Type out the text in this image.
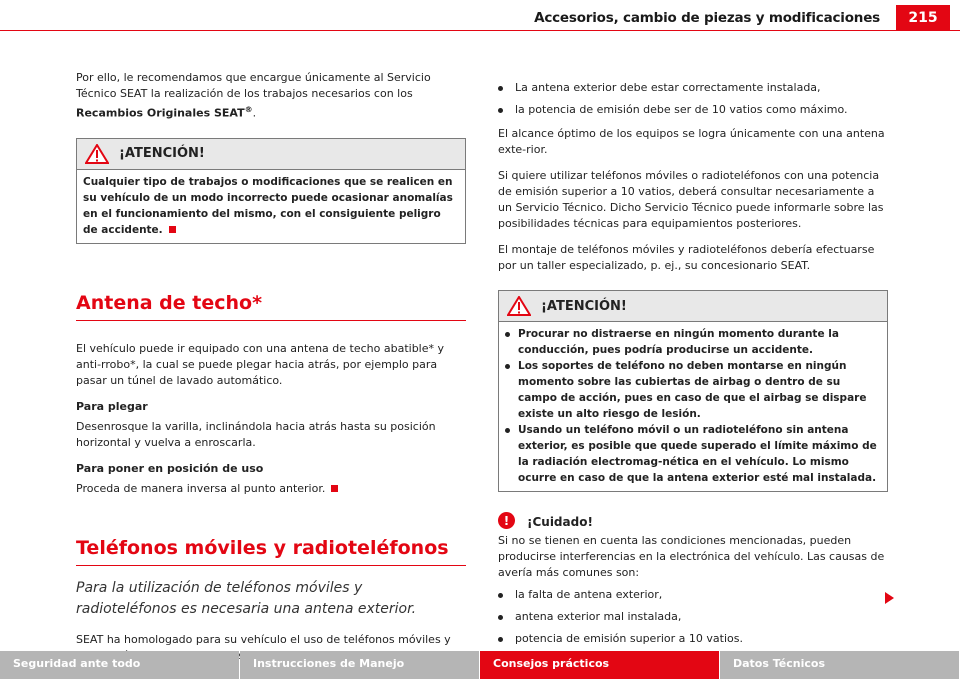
Accesorios, cambio de piezas y modificaciones	215

Por ello, le recomendamos que encargue únicamente al Servicio Técnico SEAT la realización de los trabajos necesarios con los Recambios Originales SEAT®.

¡ATENCIÓN!
Cualquier tipo de trabajos o modificaciones que se realicen en su vehículo de un modo incorrecto puede ocasionar anomalías en el funcionamiento del mismo, con el consiguiente peligro de accidente.
Antena de techo*

El vehículo puede ir equipado con una antena de techo abatible* y anti-rrobo*, la cual se puede plegar hacia atrás, por ejemplo para pasar un túnel de lavado automático.

Para plegar

Desenrosque la varilla, inclinándola hacia atrás hasta su posición horizontal y vuelva a enroscarla.

Para poner en posición de uso

Proceda de manera inversa al punto anterior.

Teléfonos móviles y radioteléfonos

Para la utilización de teléfonos móviles y radioteléfonos es necesaria una antena exterior.

SEAT ha homologado para su vehículo el uso de teléfonos móviles y

La antena exterior debe estar correctamente instalada,
la potencia de emisión debe ser de 10 vatios como máximo.

El alcance óptimo de los equipos se logra únicamente con una antena exte-rior.

Si quiere utilizar teléfonos móviles o radioteléfonos con una potencia de emisión superior a 10 vatios, deberá consultar necesariamente a un Servicio Técnico. Dicho Servicio Técnico puede informarle sobre las posibilidades técnicas para equipamientos posteriores.

El montaje de teléfonos móviles y radioteléfonos debería efectuarse por un taller especializado, p. ej., su concesionario SEAT.

¡ATENCIÓN!
Procurar no distraerse en ningún momento durante la conducción, pues podría producirse un accidente.
Los soportes de teléfono no deben montarse en ningún momento sobre las cubiertas de airbag o dentro de su campo de acción, pues en caso de que el airbag se dispare existe un alto riesgo de lesión.
Usando un teléfono móvil o un radioteléfono sin antena exterior, es posible que quede superado el límite máximo de la radiación electromag-nética en el vehículo. Lo mismo ocurre en caso de que la antena exterior esté mal instalada.
!	¡Cuidado!

Si no se tienen en cuenta las condiciones mencionadas, pueden producirse interferencias en la electrónica del vehículo. Las causas de avería más comunes son:

la falta de antena exterior,
antena exterior mal instalada,
potencia de emisión superior a 10 vatios.
Seguridad ante todo	Instrucciones de Manejo	Consejos prácticos	Datos Técnicos
